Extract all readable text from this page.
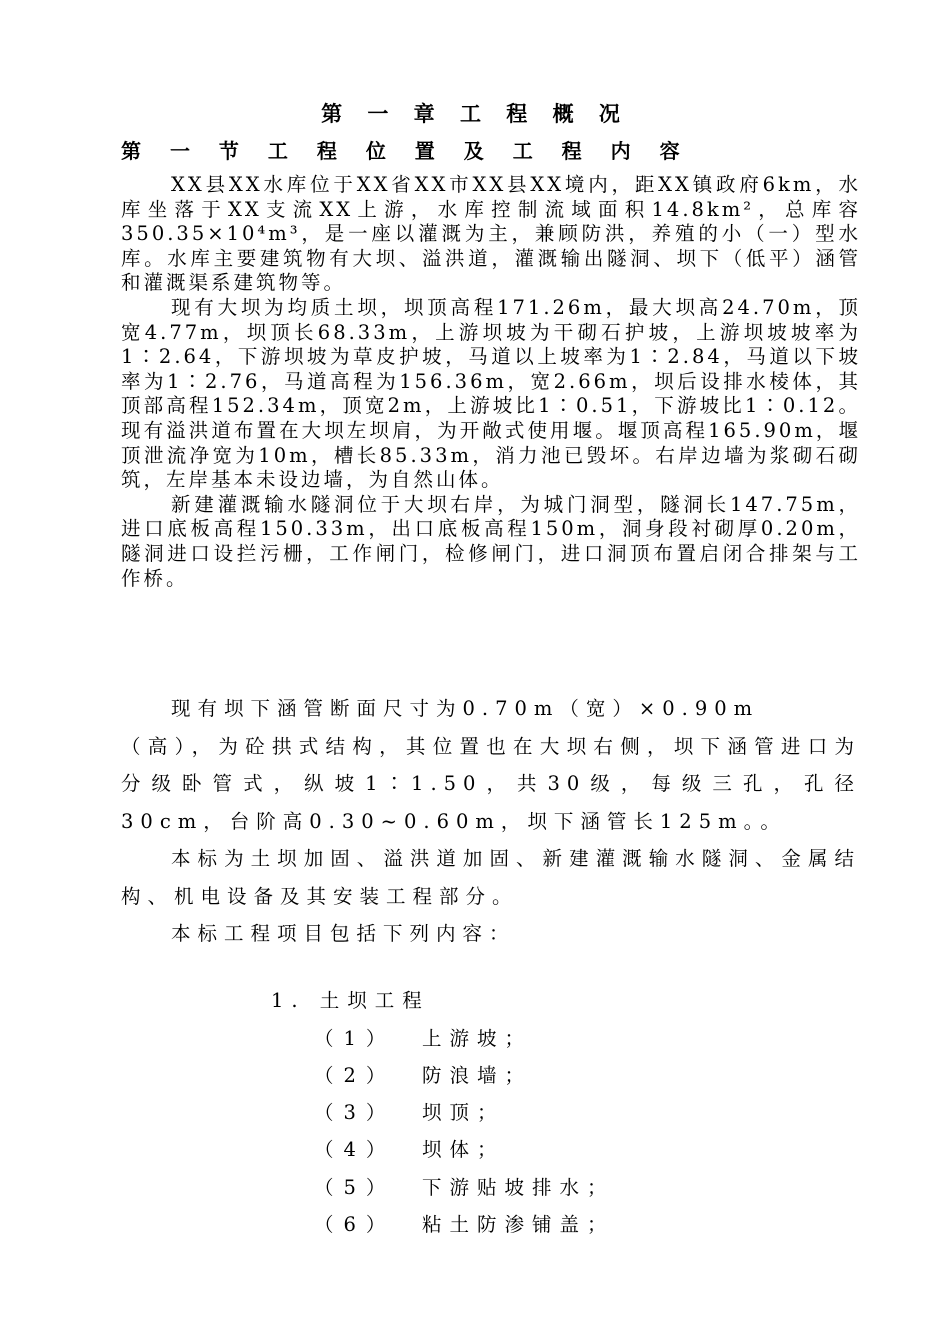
第 一 章 工 程 概 况
第 一 节 工 程 位 置 及 工 程 内 容

XX县XX水库位于XX省XX市XX县XX境内，距XX镇政府6km，水库坐落于XX支流XX上游，水库控制流域面积14.8km²，总库容350.35×10⁴m³，是一座以灌溉为主，兼顾防洪，养殖的小（一）型水库。水库主要建筑物有大坝、溢洪道，灌溉输出隧洞、坝下（低平）涵管和灌溉渠系建筑物等。

现有大坝为均质土坝，坝顶高程171.26m，最大坝高24.70m，顶宽4.77m，坝顶长68.33m，上游坝坡为干砌石护坡，上游坝坡坡率为1∶2.64，下游坝坡为草皮护坡，马道以上坡率为1∶2.84，马道以下坡率为1∶2.76，马道高程为156.36m，宽2.66m，坝后设排水棱体，其顶部高程152.34m，顶宽2m，上游坡比1∶0.51，下游坡比1∶0.12。现有溢洪道布置在大坝左坝肩，为开敞式使用堰。堰顶高程165.90m，堰顶泄流净宽为10m，槽长85.33m，消力池已毁坏。右岸边墙为浆砌石砌筑，左岸基本未设边墙，为自然山体。

新建灌溉输水隧洞位于大坝右岸，为城门洞型，隧洞长147.75m，进口底板高程150.33m，出口底板高程150m，洞身段衬砌厚0.20m，隧洞进口设拦污栅，工作闸门，检修闸门，进口洞顶布置启闭合排架与工作桥。

现有坝下涵管断面尺寸为0.70m（宽）×0.90m

（高），为砼拱式结构，其位置也在大坝右侧，坝下涵管进口为分级卧管式，纵坡1∶1.50，共30级，每级三孔，孔径30cm，台阶高0.30~0.60m，坝下涵管长125m。。

本标为土坝加固、溢洪道加固、新建灌溉输水隧洞、金属结构、机电设备及其安装工程部分。

本标工程项目包括下列内容：

1. 土坝工程
（1） 上游坡；
（2） 防浪墙；
（3） 坝顶；
（4） 坝体；
（5） 下游贴坡排水；
（6） 粘土防渗铺盖；
